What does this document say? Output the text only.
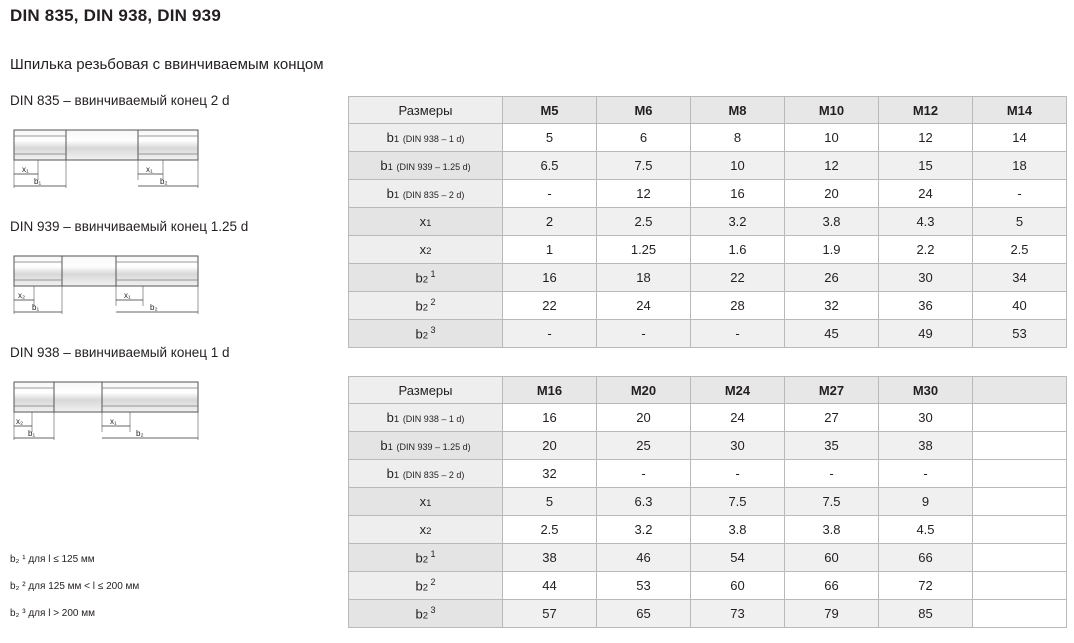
DIN 835, DIN 938, DIN 939
Шпилька резьбовая с ввинчиваемым концом
DIN 835 – ввинчиваемый конец 2 d
x₁
b₁
x₁
b₂
DIN 939 – ввинчиваемый конец 1.25 d
x₂
b₁
x₁
b₂
DIN 938 – ввинчиваемый конец 1 d
x₂
b₁
x₁
b₂
b₂ ¹ для l ≤ 125 мм
b₂ ² для 125 мм < l ≤ 200 мм
b₂ ³ для l > 200 мм
Размеры	M5	M6	M8	M10	M12	M14
b1 (DIN 938 – 1 d)	5	6	8	10	12	14
b1 (DIN 939 – 1.25 d)	6.5	7.5	10	12	15	18
b1 (DIN 835 – 2 d)	-	12	16	20	24	-
x1	2	2.5	3.2	3.8	4.3	5
x2	1	1.25	1.6	1.9	2.2	2.5
b2 $^1$	16	18	22	26	30	34
b2 $^2$	22	24	28	32	36	40
b2 $^3$	-	-	-	45	49	53
Размеры	M16	M20	M24	M27	M30	
b1 (DIN 938 – 1 d)	16	20	24	27	30	
b1 (DIN 939 – 1.25 d)	20	25	30	35	38	
b1 (DIN 835 – 2 d)	32	-	-	-	-	
x1	5	6.3	7.5	7.5	9	
x2	2.5	3.2	3.8	3.8	4.5	
b2 $^1$	38	46	54	60	66	
b2 $^2$	44	53	60	66	72	
b2 $^3$	57	65	73	79	85	
